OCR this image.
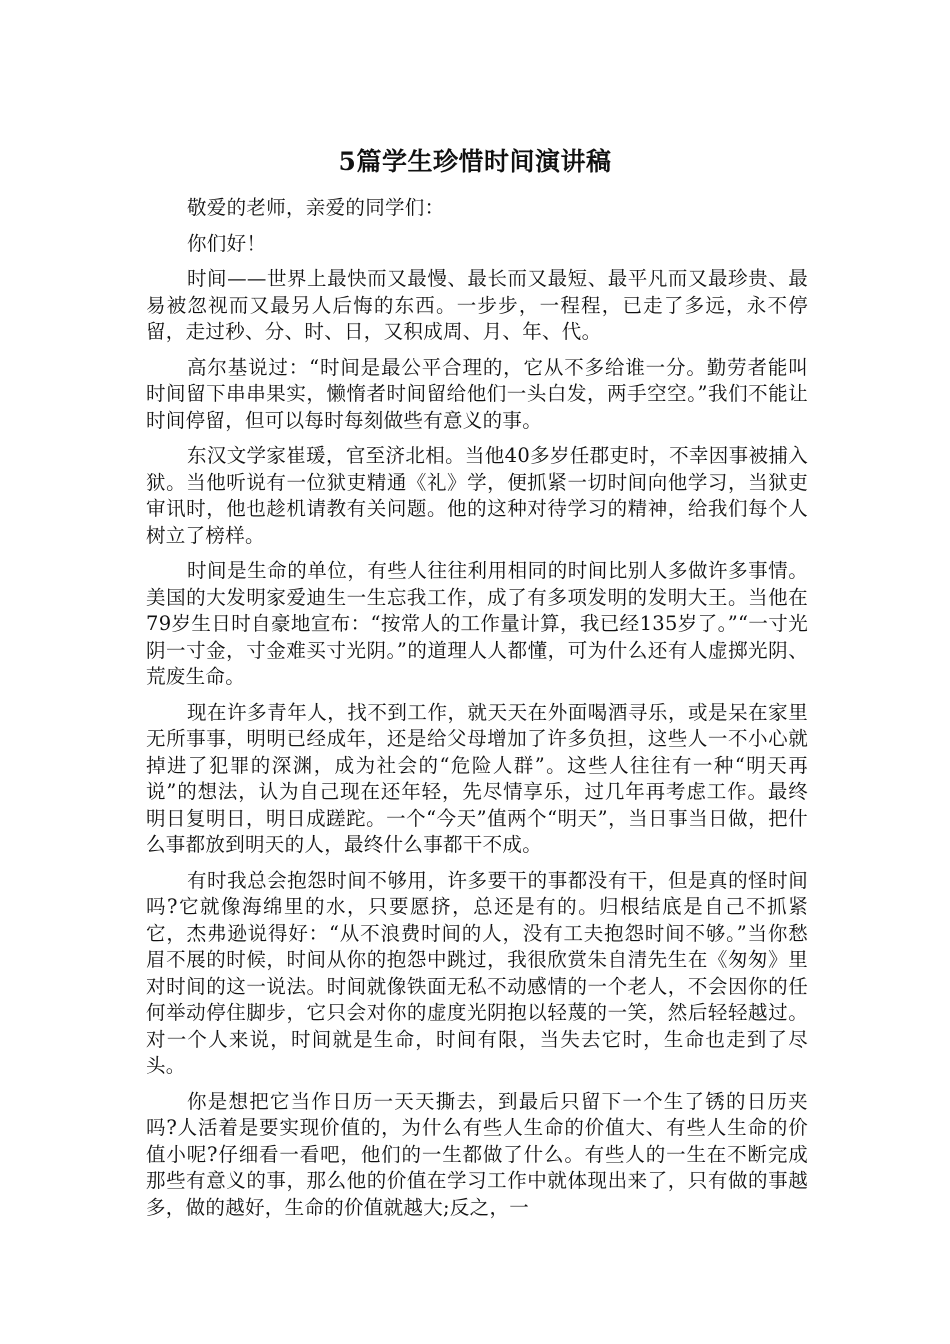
5篇学生珍惜时间演讲稿

敬爱的老师，亲爱的同学们：

你们好！

时间——世界上最快而又最慢、最长而又最短、最平凡而又最珍贵、最易被忽视而又最另人后悔的东西。一步步，一程程，已走了多远，永不停留，走过秒、分、时、日，又积成周、月、年、代。

高尔基说过：“时间是最公平合理的，它从不多给谁一分。勤劳者能叫时间留下串串果实，懒惰者时间留给他们一头白发，两手空空。”我们不能让时间停留，但可以每时每刻做些有意义的事。

东汉文学家崔瑗，官至济北相。当他40多岁任郡吏时，不幸因事被捕入狱。当他听说有一位狱吏精通《礼》学，便抓紧一切时间向他学习，当狱吏审讯时，他也趁机请教有关问题。他的这种对待学习的精神，给我们每个人树立了榜样。

时间是生命的单位，有些人往往利用相同的时间比别人多做许多事情。美国的大发明家爱迪生一生忘我工作，成了有多项发明的发明大王。当他在79岁生日时自豪地宣布：“按常人的工作量计算，我已经135岁了。”“一寸光阴一寸金，寸金难买寸光阴。”的道理人人都懂，可为什么还有人虚掷光阴、荒废生命。

现在许多青年人，找不到工作，就天天在外面喝酒寻乐，或是呆在家里无所事事，明明已经成年，还是给父母增加了许多负担，这些人一不小心就掉进了犯罪的深渊，成为社会的“危险人群”。这些人往往有一种“明天再说”的想法，认为自己现在还年轻，先尽情享乐，过几年再考虑工作。最终明日复明日，明日成蹉跎。一个“今天”值两个“明天”，当日事当日做，把什么事都放到明天的人，最终什么事都干不成。

有时我总会抱怨时间不够用，许多要干的事都没有干，但是真的怪时间吗?它就像海绵里的水，只要愿挤，总还是有的。归根结底是自己不抓紧它，杰弗逊说得好：“从不浪费时间的人，没有工夫抱怨时间不够。”当你愁眉不展的时候，时间从你的抱怨中跳过，我很欣赏朱自清先生在《匆匆》里对时间的这一说法。时间就像铁面无私不动感情的一个老人，不会因你的任何举动停住脚步，它只会对你的虚度光阴抱以轻蔑的一笑，然后轻轻越过。对一个人来说，时间就是生命，时间有限，当失去它时，生命也走到了尽头。

你是想把它当作日历一天天撕去，到最后只留下一个生了锈的日历夹吗?人活着是要实现价值的，为什么有些人生命的价值大、有些人生命的价值小呢?仔细看一看吧，他们的一生都做了什么。有些人的一生在不断完成那些有意义的事，那么他的价值在学习工作中就体现出来了，只有做的事越多，做的越好，生命的价值就越大;反之，一
